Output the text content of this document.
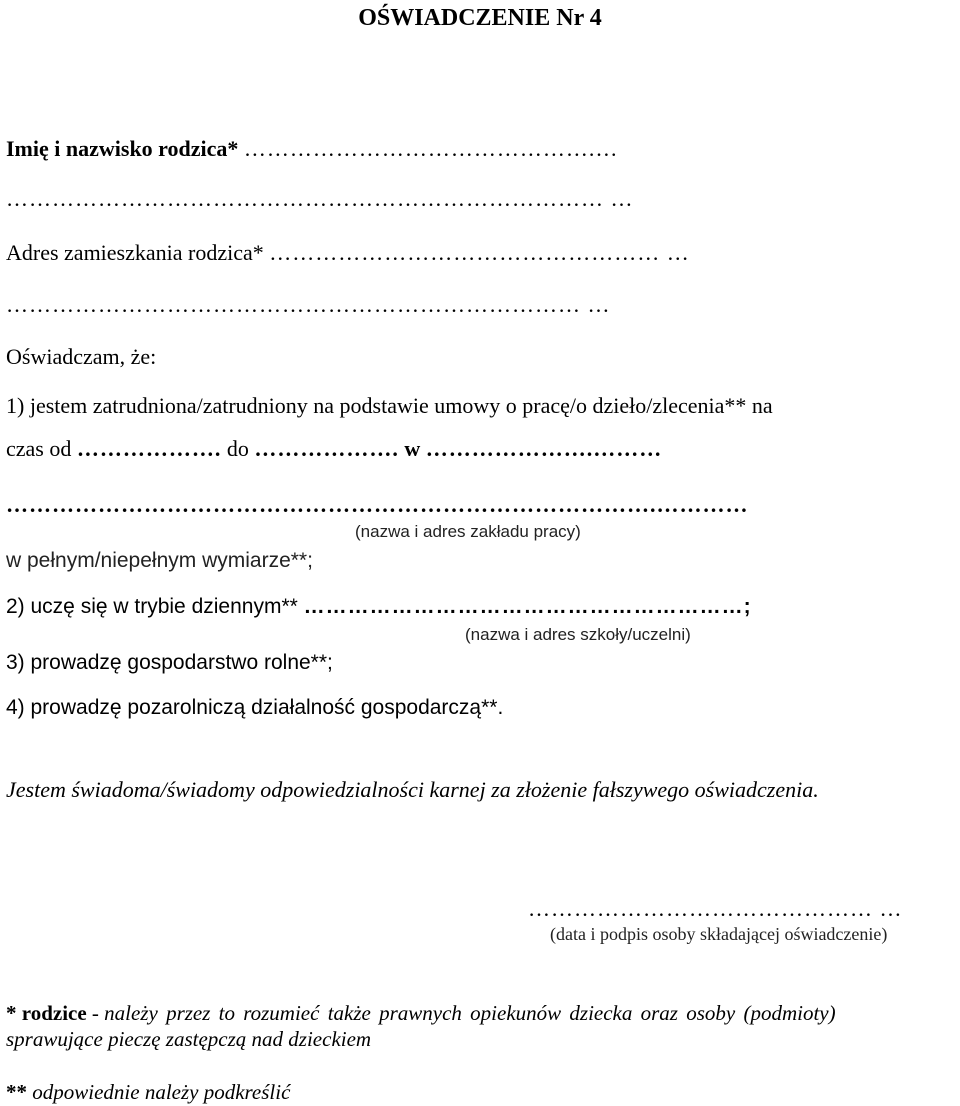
OŚWIADCZENIE Nr 4
Imię i nazwisko rodzica* ……………………………………….…
…………………………………………………………………… …
Adres zamieszkania rodzica* …………………………………………… …
………………………………………………………………… …
Oświadczam, że:
1) jestem zatrudniona/zatrudniony na podstawie umowy o pracę/o dzieło/zlecenia** na
czas od ………………. do ………………. w ………………….………
………………………………………………………………………….…………
(nazwa i adres zakładu pracy)
w pełnym/niepełnym wymiarze**;
2) uczę się w trybie dziennym** ……………………………………………………;
(nazwa i adres szkoły/uczelni)
3) prowadzę gospodarstwo rolne**;
4) prowadzę pozarolniczą działalność gospodarczą**.
Jestem świadoma/świadomy odpowiedzialności karnej za złożenie fałszywego oświadczenia.
……………………………………… …
(data i podpis osoby składającej oświadczenie)
* rodzice - należy przez to rozumieć także prawnych opiekunów dziecka oraz osoby (podmioty)
sprawujące pieczę zastępczą nad dzieckiem
** odpowiednie należy podkreślić
